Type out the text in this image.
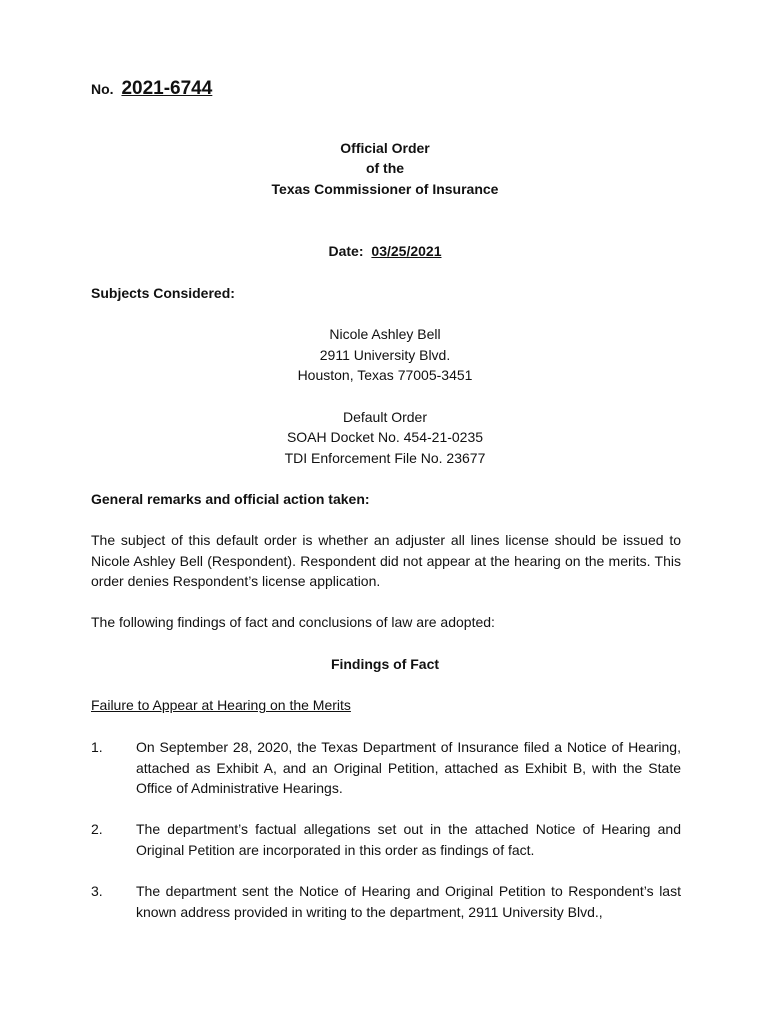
No. 2021-6744
Official Order
of the
Texas Commissioner of Insurance
Date: 03/25/2021
Subjects Considered:
Nicole Ashley Bell
2911 University Blvd.
Houston, Texas 77005-3451
Default Order
SOAH Docket No. 454-21-0235
TDI Enforcement File No. 23677
General remarks and official action taken:
The subject of this default order is whether an adjuster all lines license should be issued to Nicole Ashley Bell (Respondent). Respondent did not appear at the hearing on the merits. This order denies Respondent’s license application.
The following findings of fact and conclusions of law are adopted:
Findings of Fact
Failure to Appear at Hearing on the Merits
1. On September 28, 2020, the Texas Department of Insurance filed a Notice of Hearing, attached as Exhibit A, and an Original Petition, attached as Exhibit B, with the State Office of Administrative Hearings.
2. The department’s factual allegations set out in the attached Notice of Hearing and Original Petition are incorporated in this order as findings of fact.
3. The department sent the Notice of Hearing and Original Petition to Respondent’s last known address provided in writing to the department, 2911 University Blvd.,
